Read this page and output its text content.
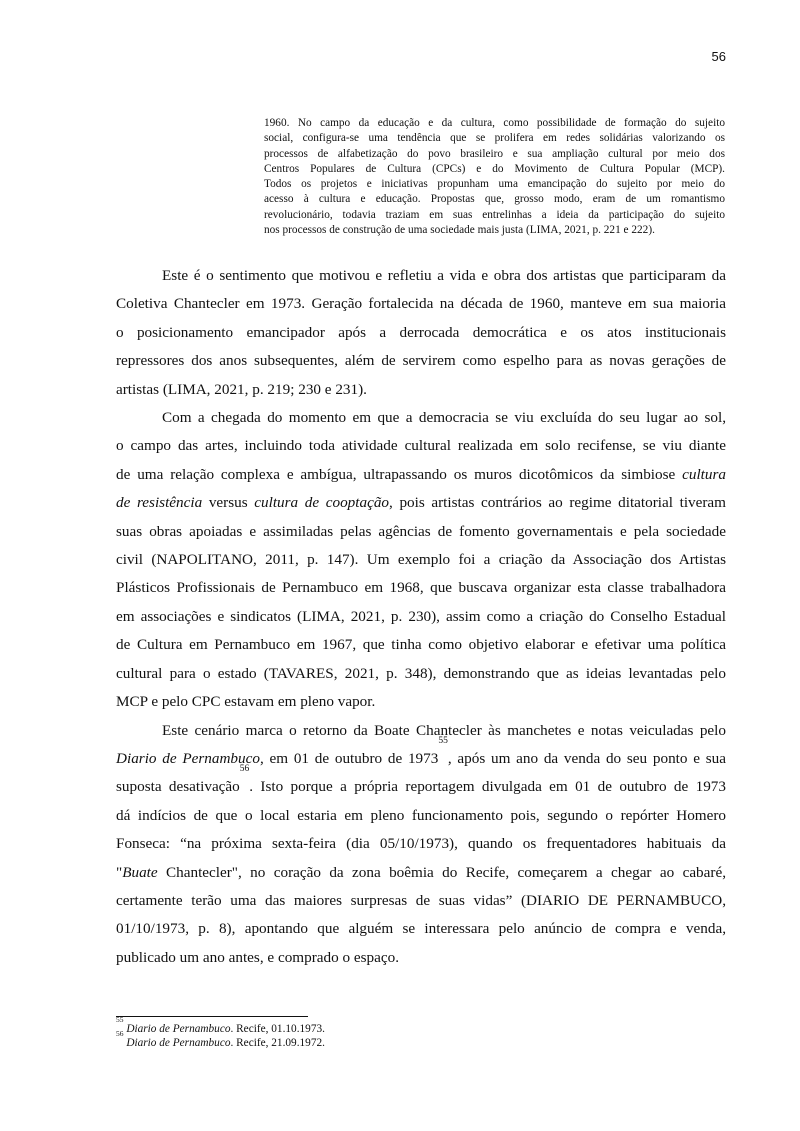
56
1960. No campo da educação e da cultura, como possibilidade de formação do sujeito
social, configura-se uma tendência que se prolifera em redes solidárias valorizando os
processos de alfabetização do povo brasileiro e sua ampliação cultural por meio dos
Centros Populares de Cultura (CPCs) e do Movimento de Cultura Popular (MCP).
Todos os projetos e iniciativas propunham uma emancipação do sujeito por meio do
acesso à cultura e educação. Propostas que, grosso modo, eram de um romantismo
revolucionário, todavia traziam em suas entrelinhas a ideia da participação do sujeito
nos processos de construção de uma sociedade mais justa (LIMA, 2021, p. 221 e 222).
Este é o sentimento que motivou e refletiu a vida e obra dos artistas que participaram da
Coletiva Chantecler em 1973. Geração fortalecida na década de 1960, manteve em sua maioria
o posicionamento emancipador após a derrocada democrática e os atos institucionais
repressores dos anos subsequentes, além de servirem como espelho para as novas gerações de
artistas (LIMA, 2021, p. 219; 230 e 231).
Com a chegada do momento em que a democracia se viu excluída do seu lugar ao sol,
o campo das artes, incluindo toda atividade cultural realizada em solo recifense, se viu diante
de uma relação complexa e ambígua, ultrapassando os muros dicotômicos da simbiose cultura
de resistência versus cultura de cooptação, pois artistas contrários ao regime ditatorial tiveram
suas obras apoiadas e assimiladas pelas agências de fomento governamentais e pela sociedade
civil (NAPOLITANO, 2011, p. 147). Um exemplo foi a criação da Associação dos Artistas
Plásticos Profissionais de Pernambuco em 1968, que buscava organizar esta classe trabalhadora
em associações e sindicatos (LIMA, 2021, p. 230), assim como a criação do Conselho Estadual
de Cultura em Pernambuco em 1967, que tinha como objetivo elaborar e efetivar uma política
cultural para o estado (TAVARES, 2021, p. 348), demonstrando que as ideias levantadas pelo
MCP e pelo CPC estavam em pleno vapor.
Este cenário marca o retorno da Boate Chantecler às manchetes e notas veiculadas pelo
Diario de Pernambuco, em 01 de outubro de 1973$^{55}$, após um ano da venda do seu ponto e sua
suposta desativação$^{56}$. Isto porque a própria reportagem divulgada em 01 de outubro de 1973
dá indícios de que o local estaria em pleno funcionamento pois, segundo o repórter Homero
Fonseca: “na próxima sexta-feira (dia 05/10/1973), quando os frequentadores habituais da
"Buate Chantecler", no coração da zona boêmia do Recife, começarem a chegar ao cabaré,
certamente terão uma das maiores surpresas de suas vidas” (DIARIO DE PERNAMBUCO,
01/10/1973, p. 8), apontando que alguém se interessara pelo anúncio de compra e venda,
publicado um ano antes, e comprado o espaço.
$^{55}$ Diario de Pernambuco. Recife, 01.10.1973.
$^{56}$ Diario de Pernambuco. Recife, 21.09.1972.
